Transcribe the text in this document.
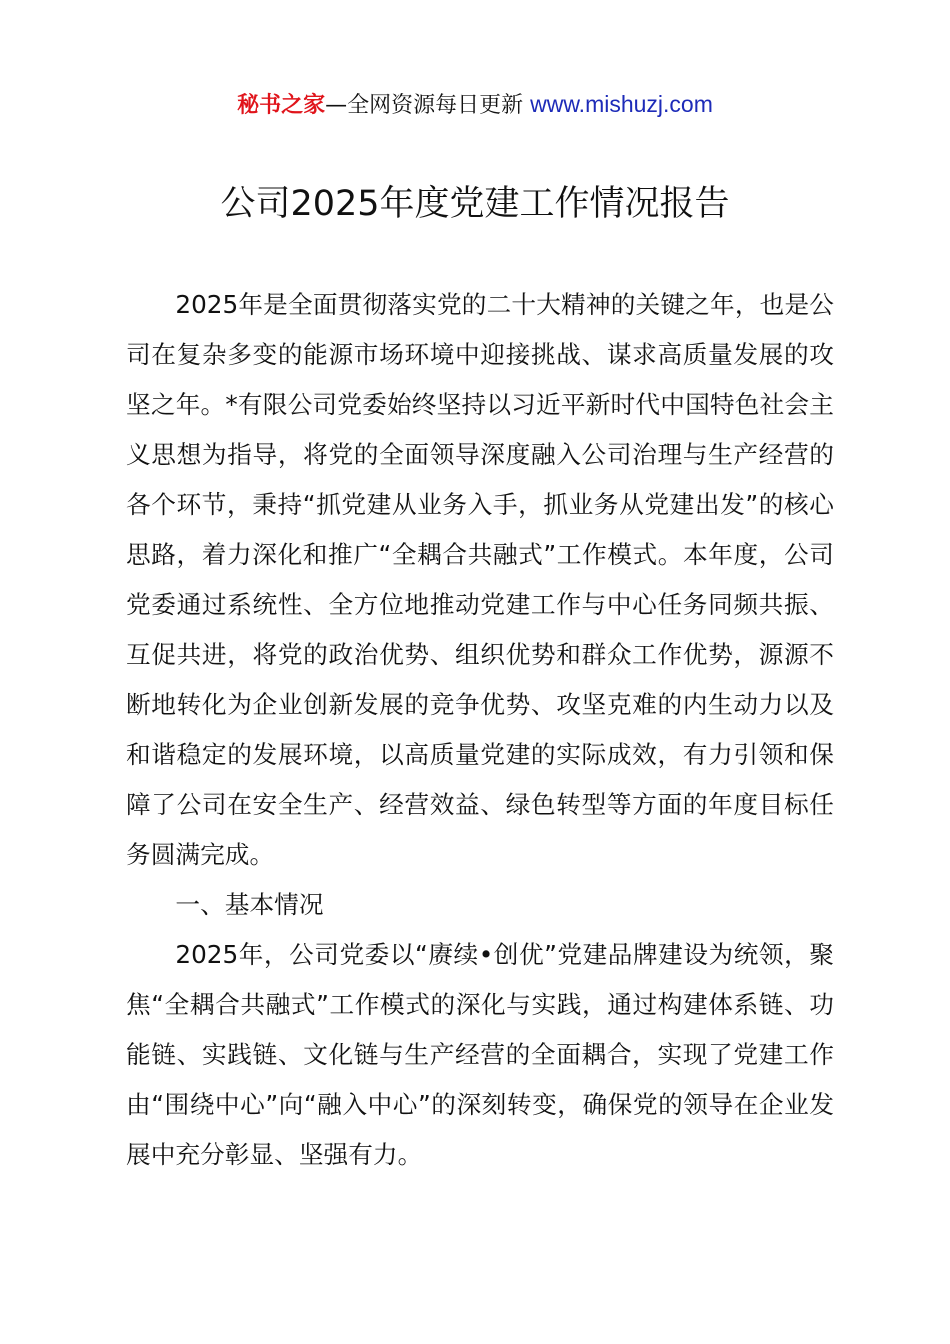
秘书之家—全网资源每日更新 www.mishuzj.com
公司2025年度党建工作情况报告

2025年是全面贯彻落实党的二十大精神的关键之年，也是公司在复杂多变的能源市场环境中迎接挑战、谋求高质量发展的攻坚之年。*有限公司党委始终坚持以习近平新时代中国特色社会主义思想为指导，将党的全面领导深度融入公司治理与生产经营的各个环节，秉持“抓党建从业务入手，抓业务从党建出发”的核心思路，着力深化和推广“全耦合共融式”工作模式。本年度，公司党委通过系统性、全方位地推动党建工作与中心任务同频共振、互促共进，将党的政治优势、组织优势和群众工作优势，源源不断地转化为企业创新发展的竞争优势、攻坚克难的内生动力以及和谐稳定的发展环境，以高质量党建的实际成效，有力引领和保障了公司在安全生产、经营效益、绿色转型等方面的年度目标任务圆满完成。

一、基本情况

2025年，公司党委以“赓续•创优”党建品牌建设为统领，聚焦“全耦合共融式”工作模式的深化与实践，通过构建体系链、功能链、实践链、文化链与生产经营的全面耦合，实现了党建工作由“围绕中心”向“融入中心”的深刻转变，确保党的领导在企业发展中充分彰显、坚强有力。
